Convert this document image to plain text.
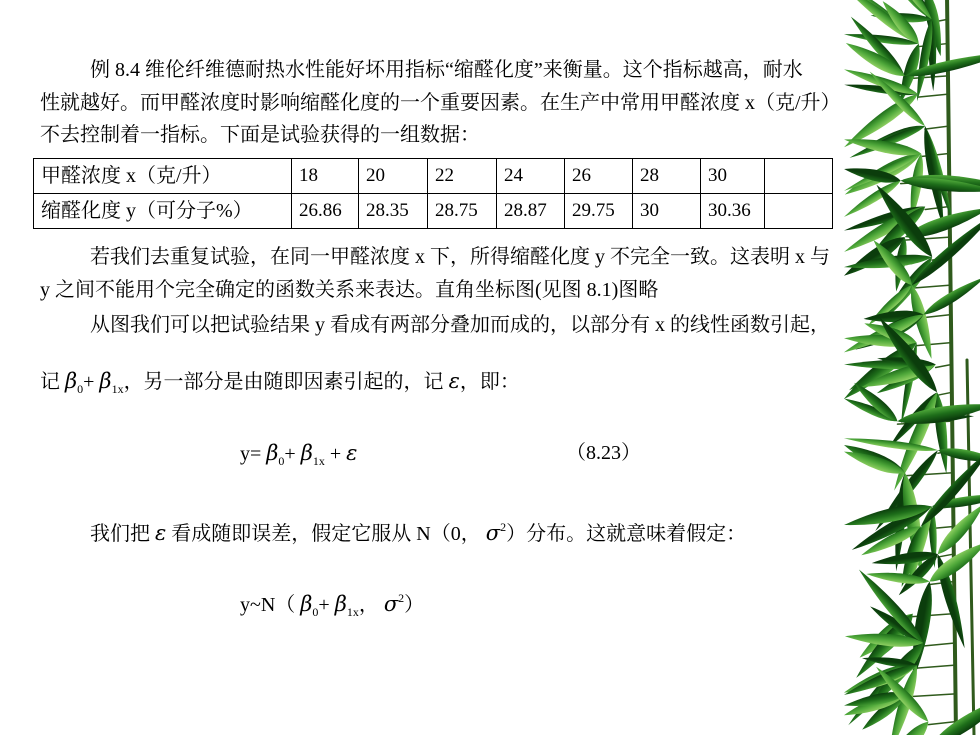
例 8.4 维伦纤维德耐热水性能好坏用指标“缩醛化度”来衡量。这个指标越高，耐水
性就越好。而甲醛浓度时影响缩醛化度的一个重要因素。在生产中常用甲醛浓度 x（克/升）
不去控制着一指标。下面是试验获得的一组数据：
甲醛浓度 x（克/升）	18	20	22	24	26	28	30	
缩醛化度 y（可分子%）	26.86	28.35	28.75	28.87	29.75	30	30.36	
若我们去重复试验，在同一甲醛浓度 x 下，所得缩醛化度 y 不完全一致。这表明 x 与
y 之间不能用个完全确定的函数关系来表达。直角坐标图(见图 8.1)图略
从图我们可以把试验结果 y 看成有两部分叠加而成的，以部分有 x 的线性函数引起，
记 $\beta_0+ \beta_{1x}$，另一部分是由随即因素引起的，记 ε，即：
$y= \beta_0+ \beta_{1x} + \varepsilon$	（8.23）
我们把 ε 看成随即误差，假定它服从 N（0， $\sigma^2$）分布。这就意味着假定：
y~N（ $\beta_0+ \beta_{1x}$， $\sigma^2$）
